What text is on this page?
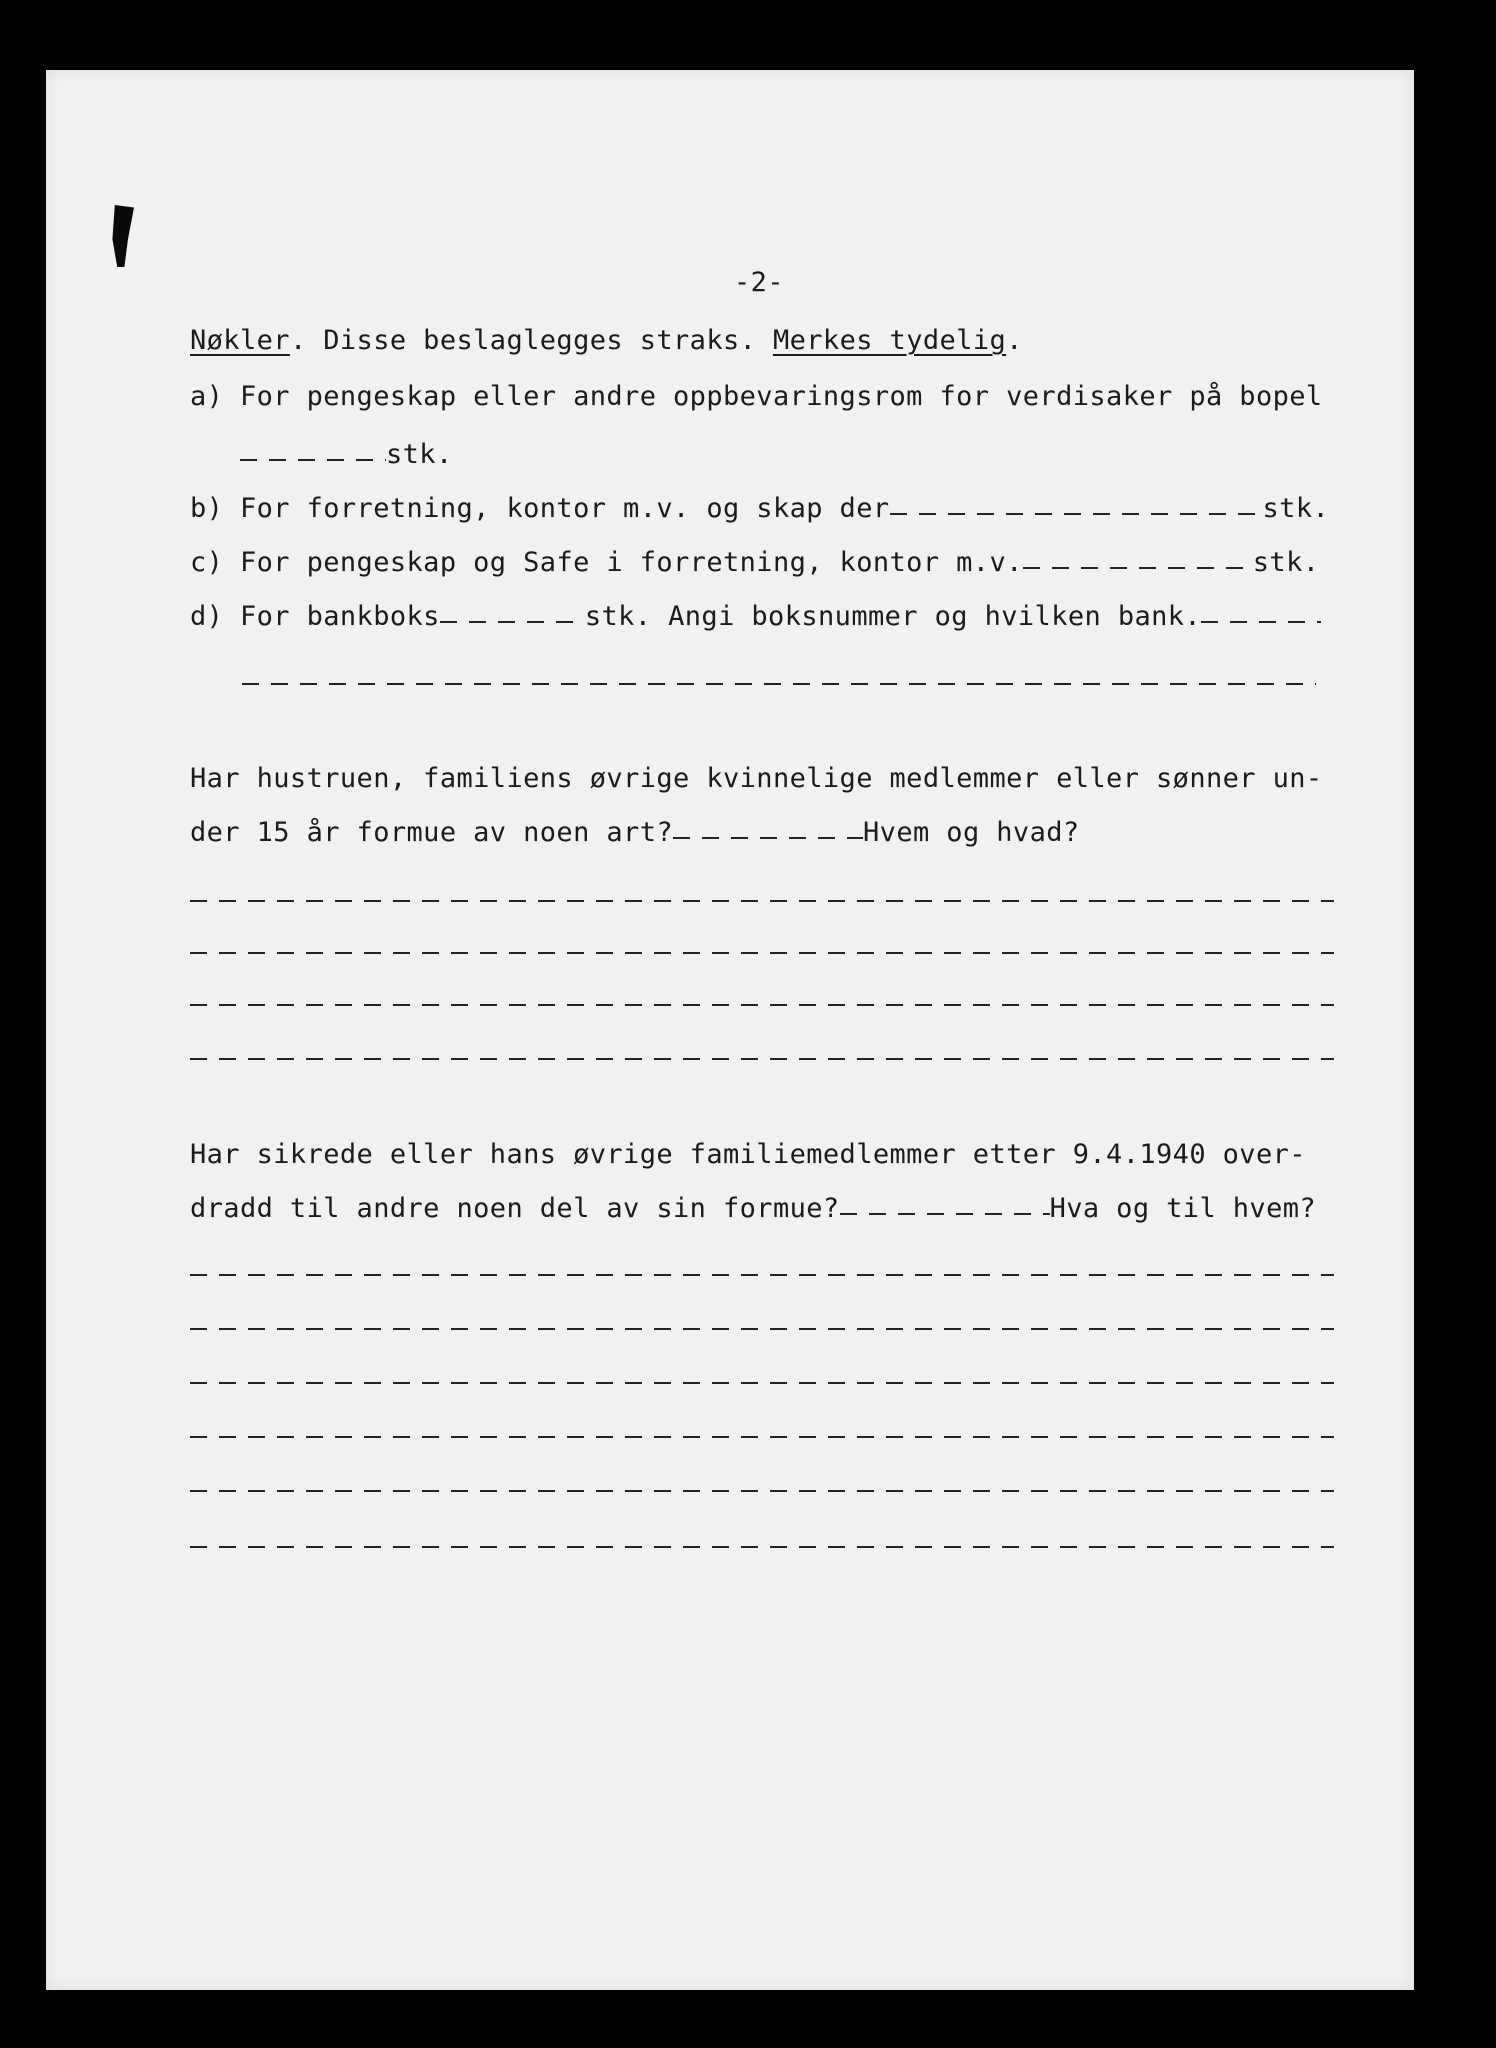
-2-
Nøkler. Disse beslaglegges straks. Merkes tydelig.
a) For pengeskap eller andre oppbevaringsrom for verdisaker på bopel
stk.
b) For forretning, kontor m.v. og skap der	stk.
c) For pengeskap og Safe i forretning, kontor m.v.	stk.
d) For bankboks	stk. Angi boksnummer og hvilken bank.
Har hustruen, familiens øvrige kvinnelige medlemmer eller sønner un-
der 15 år formue av noen art?	Hvem og hvad?
Har sikrede eller hans øvrige familiemedlemmer etter 9.4.1940 over-
dradd til andre noen del av sin formue?	Hva og til hvem?
